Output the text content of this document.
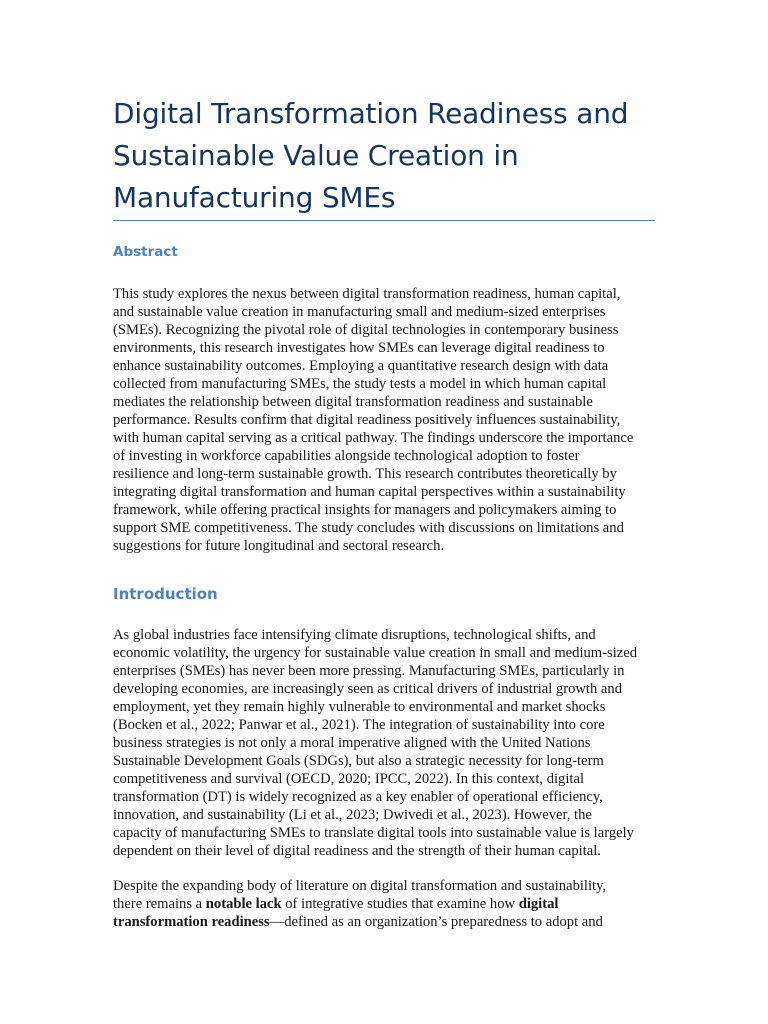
Digital Transformation Readiness and
Sustainable Value Creation in
Manufacturing SMEs
Abstract

This study explores the nexus between digital transformation readiness, human capital,
and sustainable value creation in manufacturing small and medium-sized enterprises
(SMEs). Recognizing the pivotal role of digital technologies in contemporary business
environments, this research investigates how SMEs can leverage digital readiness to
enhance sustainability outcomes. Employing a quantitative research design with data
collected from manufacturing SMEs, the study tests a model in which human capital
mediates the relationship between digital transformation readiness and sustainable
performance. Results confirm that digital readiness positively influences sustainability,
with human capital serving as a critical pathway. The findings underscore the importance
of investing in workforce capabilities alongside technological adoption to foster
resilience and long-term sustainable growth. This research contributes theoretically by
integrating digital transformation and human capital perspectives within a sustainability
framework, while offering practical insights for managers and policymakers aiming to
support SME competitiveness. The study concludes with discussions on limitations and
suggestions for future longitudinal and sectoral research.

Introduction

As global industries face intensifying climate disruptions, technological shifts, and
economic volatility, the urgency for sustainable value creation in small and medium-sized
enterprises (SMEs) has never been more pressing. Manufacturing SMEs, particularly in
developing economies, are increasingly seen as critical drivers of industrial growth and
employment, yet they remain highly vulnerable to environmental and market shocks
(Bocken et al., 2022; Panwar et al., 2021). The integration of sustainability into core
business strategies is not only a moral imperative aligned with the United Nations
Sustainable Development Goals (SDGs), but also a strategic necessity for long-term
competitiveness and survival (OECD, 2020; IPCC, 2022). In this context, digital
transformation (DT) is widely recognized as a key enabler of operational efficiency,
innovation, and sustainability (Li et al., 2023; Dwivedi et al., 2023). However, the
capacity of manufacturing SMEs to translate digital tools into sustainable value is largely
dependent on their level of digital readiness and the strength of their human capital.

Despite the expanding body of literature on digital transformation and sustainability,
there remains a notable lack of integrative studies that examine how digital
transformation readiness—defined as an organization’s preparedness to adopt and
